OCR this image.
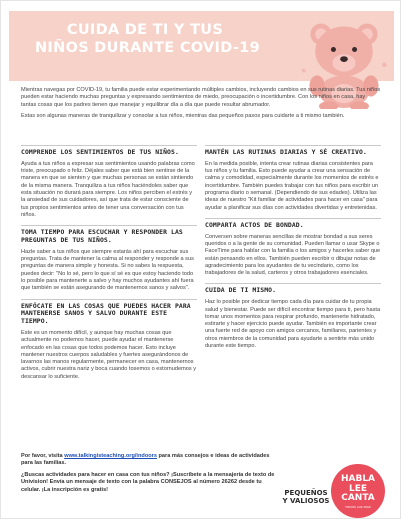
CUIDA DE TI Y TUS
NIÑOS DURANTE COVID-19

Mientras navegas por COVID-19, tu familia puede estar experimentando múltiples cambios, incluyendo cambios en sus rutinas diarias. Tus niños pueden estar haciendo muchas preguntas y expresando sentimientos de miedo, preocupación o incertidumbre. Con los niños en casa, hay tantas cosas que los padres tienen que manejar y equilibrar día a día que puede resultar abrumador.

Estas son algunas maneras de tranquilizar y consolar a tus niños, mientras das pequeños pasos para cuidarte a ti mismo también.

COMPRENDE LOS SENTIMIENTOS DE TUS NIÑOS.
Ayuda a tus niños a expresar sus sentimientos usando palabras como triste, preocupado o feliz. Déjales saber que está bien sentirse de la manera en que se sienten y que muchas personas se están sintiendo de la misma manera. Tranquiliza a tus niños haciéndoles saber que esta situación no durará para siempre. Los niños perciben el estrés y la ansiedad de sus cuidadores, así que trata de estar consciente de tus propios sentimientos antes de tener una conversación con tus niños.
TOMA TIEMPO PARA ESCUCHAR Y RESPONDER LAS PREGUNTAS DE TUS NIÑOS.
Hazle saber a tus niños que siempre estarás ahí para escuchar sus preguntas. Trata de mantener la calma al responder y responde a sus preguntas de manera simple y honesta. Si no sabes la respuesta, puedes decir: "No lo sé, pero lo que sí sé es que estoy haciendo todo lo posible para mantenerte a salvo y hay muchos ayudantes ahí fuera que también se están asegurando de mantenernos sanos y salvos".
ENFÓCATE EN LAS COSAS QUE PUEDES HACER PARA MANTENERSE SANOS Y SALVO DURANTE ESTE TIEMPO.
Este es un momento difícil, y aunque hay muchas cosas que actualmente no podemos hacer, puede ayudar el mantenerse enfocado en las cosas que todos podemos hacer. Esto incluye mantener nuestros cuerpos saludables y fuertes asegurándonos de lavarnos las manos regularmente, permanecer en casa, mantenernos activos, cubrir nuestra nariz y boca cuando tosemos o estornudemos y descansar lo suficiente.
MANTÉN LAS RUTINAS DIARIAS Y SÉ CREATIVO.
En la medida posible, intenta crear rutinas diarias consistentes para tus niños y tu familia. Esto puede ayudar a crear una sensación de calma y comodidad, especialmente durante los momentos de estrés e incertidumbre. También puedes trabajar con tus niños para escribir un programa diario o semanal. (Dependiendo de sus edades). Utiliza las ideas de nuestro "Kit familiar de actividades para hacer en casa" para ayudar a planificar sus días con actividades divertidas y entretenidas.
COMPARTA ACTOS DE BONDAD.
Conversen sobre maneras sencillas de mostrar bondad a sus seres queridos o a la gente de su comunidad. Pueden llamar o usar Skype o FaceTime para hablar con la familia o los amigos y hacerles saber que están pensando en ellos. También pueden escribir o dibujar notas de agradecimiento para los ayudantes de tu vecindario, como los trabajadores de la salud, carteros y otros trabajadores esenciales.
CUIDA DE TI MISMO.
Haz lo posible por dedicar tiempo cada día para cuidar de tu propia salud y bienestar. Puede ser difícil encontrar tiempo para ti, pero hasta tomar unos momentos para respirar profundo, mantenerte hidratado, estirarte y hacer ejercicio puede ayudar. También es importante crear una fuerte red de apoyo con amigos cercanos, familiares, parientes y otros miembros de la comunidad para ayudarte a sentirte más unido durante este tiempo.

Por favor, visita www.talkingisteaching.org/indoors para más consejos e ideas de actividades para las familias.

¿Buscas actividades para hacer en casa con tus niños? ¡Suscríbete a la mensajería de texto de Univision! Envía un mensaje de texto con la palabra CONSEJOS al número 26262 desde tu celular. ¡La inscripción es gratis!	PEQUEÑOS
Y VALIOSOS
HABLA
LEE
CANTA
TODOS LOS DÍAS
